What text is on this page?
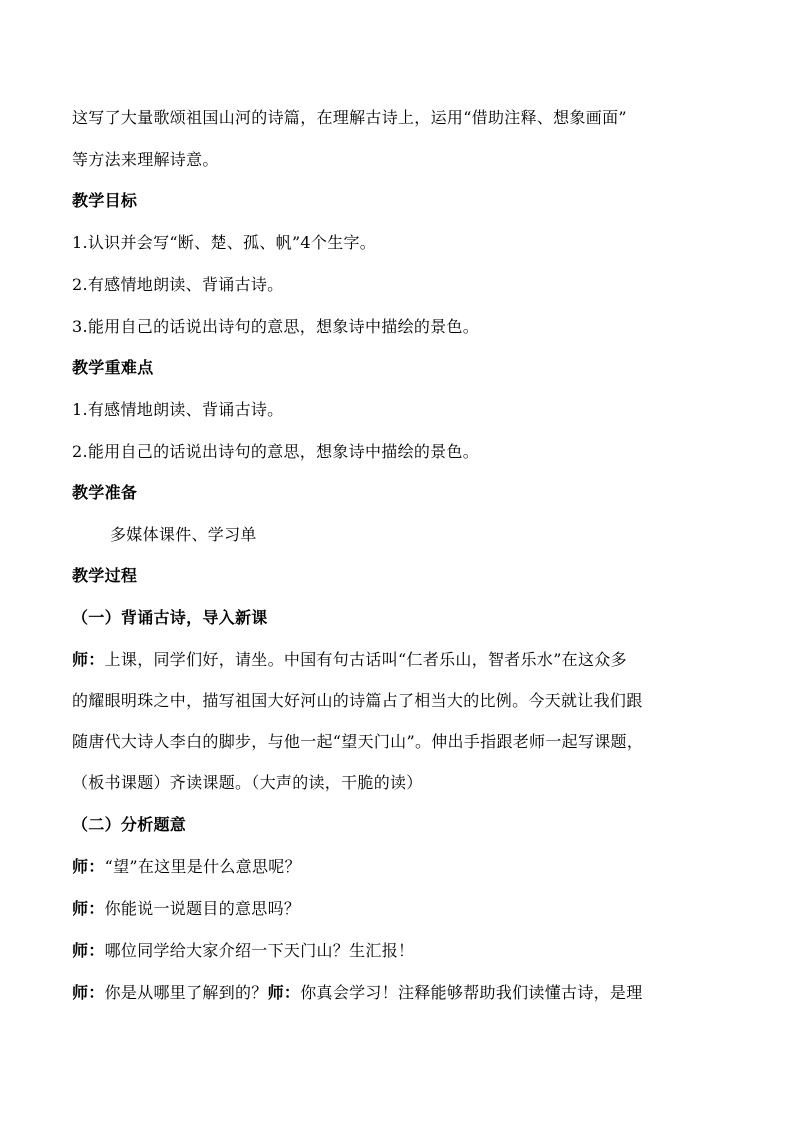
这写了大量歌颂祖国山河的诗篇，在理解古诗上，运用“借助注释、想象画面”
等方法来理解诗意。
教学目标
1.认识并会写“断、楚、孤、帆”4个生字。
2.有感情地朗读、背诵古诗。
3.能用自己的话说出诗句的意思，想象诗中描绘的景色。
教学重难点
1.有感情地朗读、背诵古诗。
2.能用自己的话说出诗句的意思，想象诗中描绘的景色。
教学准备
多媒体课件、学习单
教学过程
（一）背诵古诗，导入新课
师：上课，同学们好，请坐。中国有句古话叫“仁者乐山，智者乐水”在这众多
的耀眼明珠之中，描写祖国大好河山的诗篇占了相当大的比例。今天就让我们跟
随唐代大诗人李白的脚步，与他一起“望天门山”。伸出手指跟老师一起写课题，
（板书课题）齐读课题。（大声的读，干脆的读）
（二）分析题意
师：“望”在这里是什么意思呢？
师：你能说一说题目的意思吗？
师：哪位同学给大家介绍一下天门山？生汇报！
师：你是从哪里了解到的？师：你真会学习！注释能够帮助我们读懂古诗，是理
